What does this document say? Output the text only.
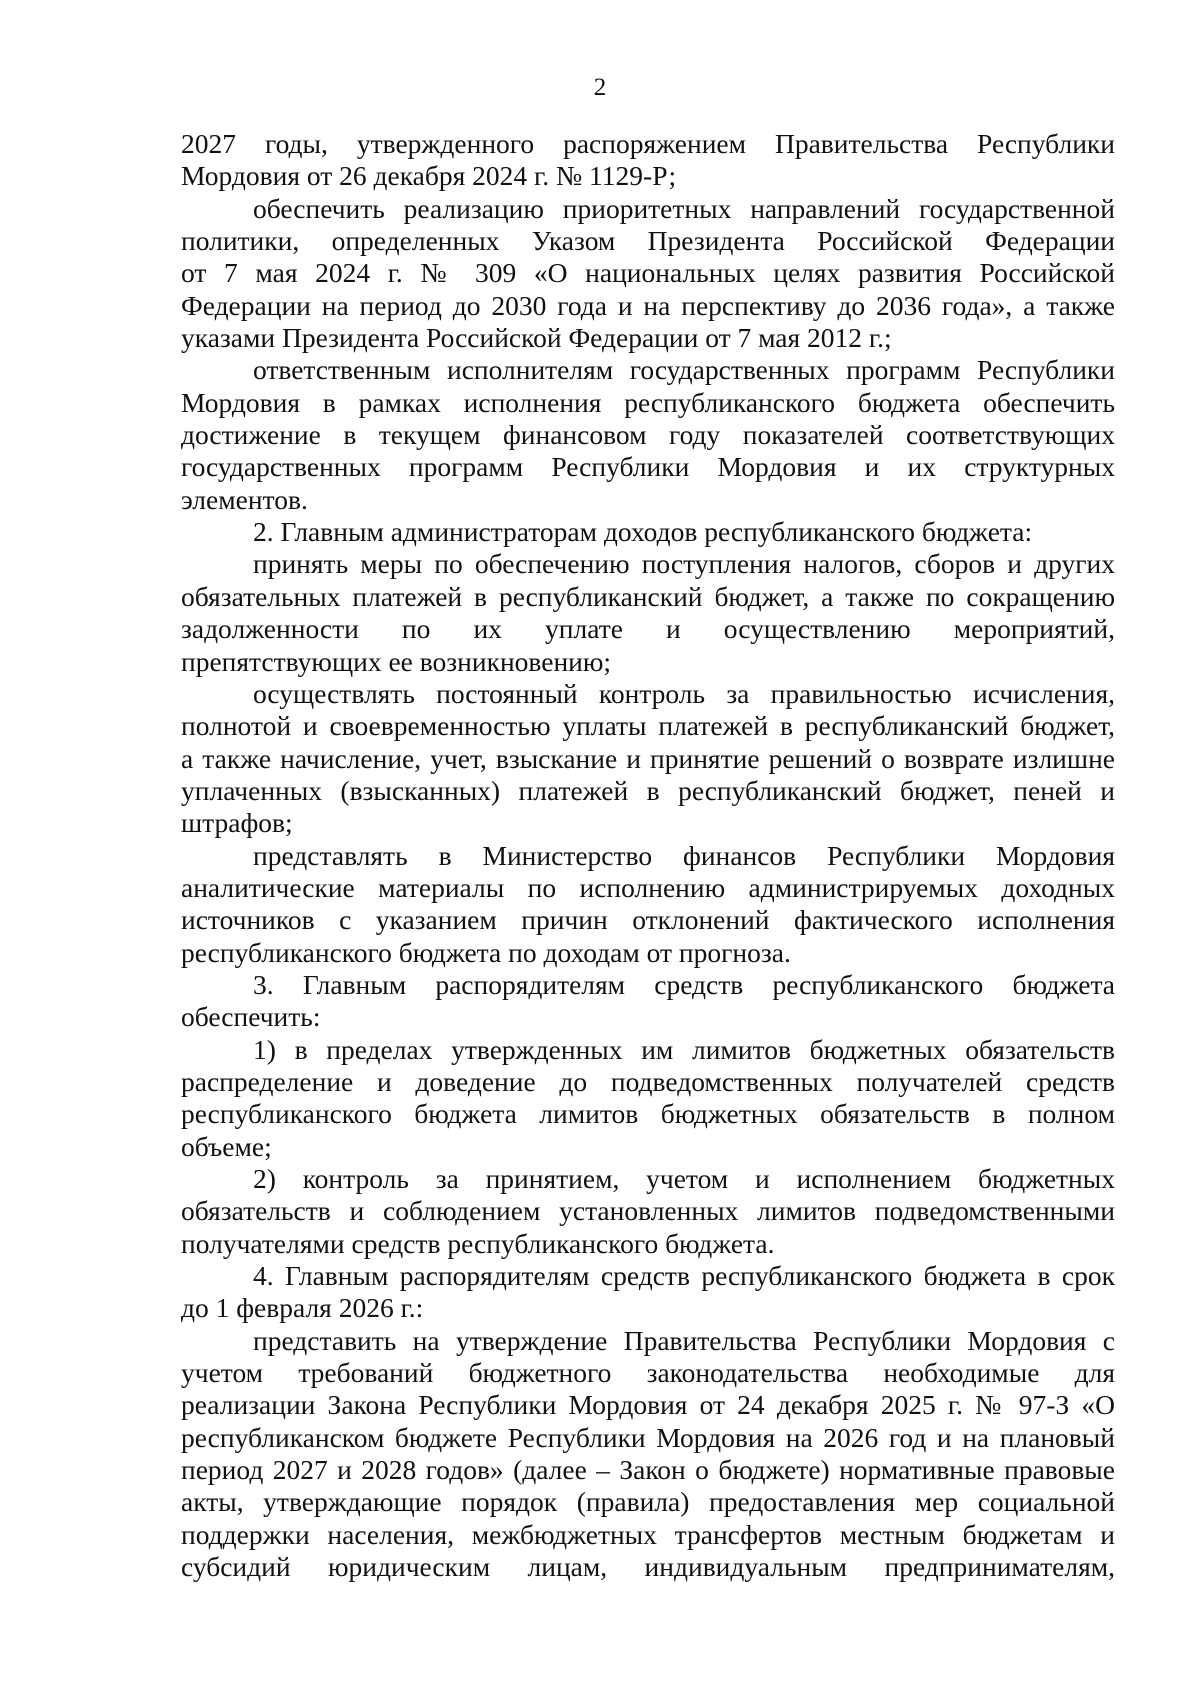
2
2027 годы, утвержденного распоряжением Правительства Республики
Мордовия от 26 декабря 2024 г. № 1129-Р;
обеспечить реализацию приоритетных направлений государственной
политики, определенных Указом Президента Российской Федерации
от 7 мая 2024 г. № 309 «О национальных целях развития Российской
Федерации на период до 2030 года и на перспективу до 2036 года», а также
указами Президента Российской Федерации от 7 мая 2012 г.;
ответственным исполнителям государственных программ Республики
Мордовия в рамках исполнения республиканского бюджета обеспечить
достижение в текущем финансовом году показателей соответствующих
государственных программ Республики Мордовия и их структурных
элементов.
2. Главным администраторам доходов республиканского бюджета:
принять меры по обеспечению поступления налогов, сборов и других
обязательных платежей в республиканский бюджет, а также по сокращению
задолженности по их уплате и осуществлению мероприятий,
препятствующих ее возникновению;
осуществлять постоянный контроль за правильностью исчисления,
полнотой и своевременностью уплаты платежей в республиканский бюджет,
а также начисление, учет, взыскание и принятие решений о возврате излишне
уплаченных (взысканных) платежей в республиканский бюджет, пеней и
штрафов;
представлять в Министерство финансов Республики Мордовия
аналитические материалы по исполнению администрируемых доходных
источников с указанием причин отклонений фактического исполнения
республиканского бюджета по доходам от прогноза.
3. Главным распорядителям средств республиканского бюджета
обеспечить:
1) в пределах утвержденных им лимитов бюджетных обязательств
распределение и доведение до подведомственных получателей средств
республиканского бюджета лимитов бюджетных обязательств в полном
объеме;
2) контроль за принятием, учетом и исполнением бюджетных
обязательств и соблюдением установленных лимитов подведомственными
получателями средств республиканского бюджета.
4. Главным распорядителям средств республиканского бюджета в срок
до 1 февраля 2026 г.:
представить на утверждение Правительства Республики Мордовия с
учетом требований бюджетного законодательства необходимые для
реализации Закона Республики Мордовия от 24 декабря 2025 г. № 97-З «О
республиканском бюджете Республики Мордовия на 2026 год и на плановый
период 2027 и 2028 годов» (далее – Закон о бюджете) нормативные правовые
акты, утверждающие порядок (правила) предоставления мер социальной
поддержки населения, межбюджетных трансфертов местным бюджетам и
субсидий юридическим лицам, индивидуальным предпринимателям,
